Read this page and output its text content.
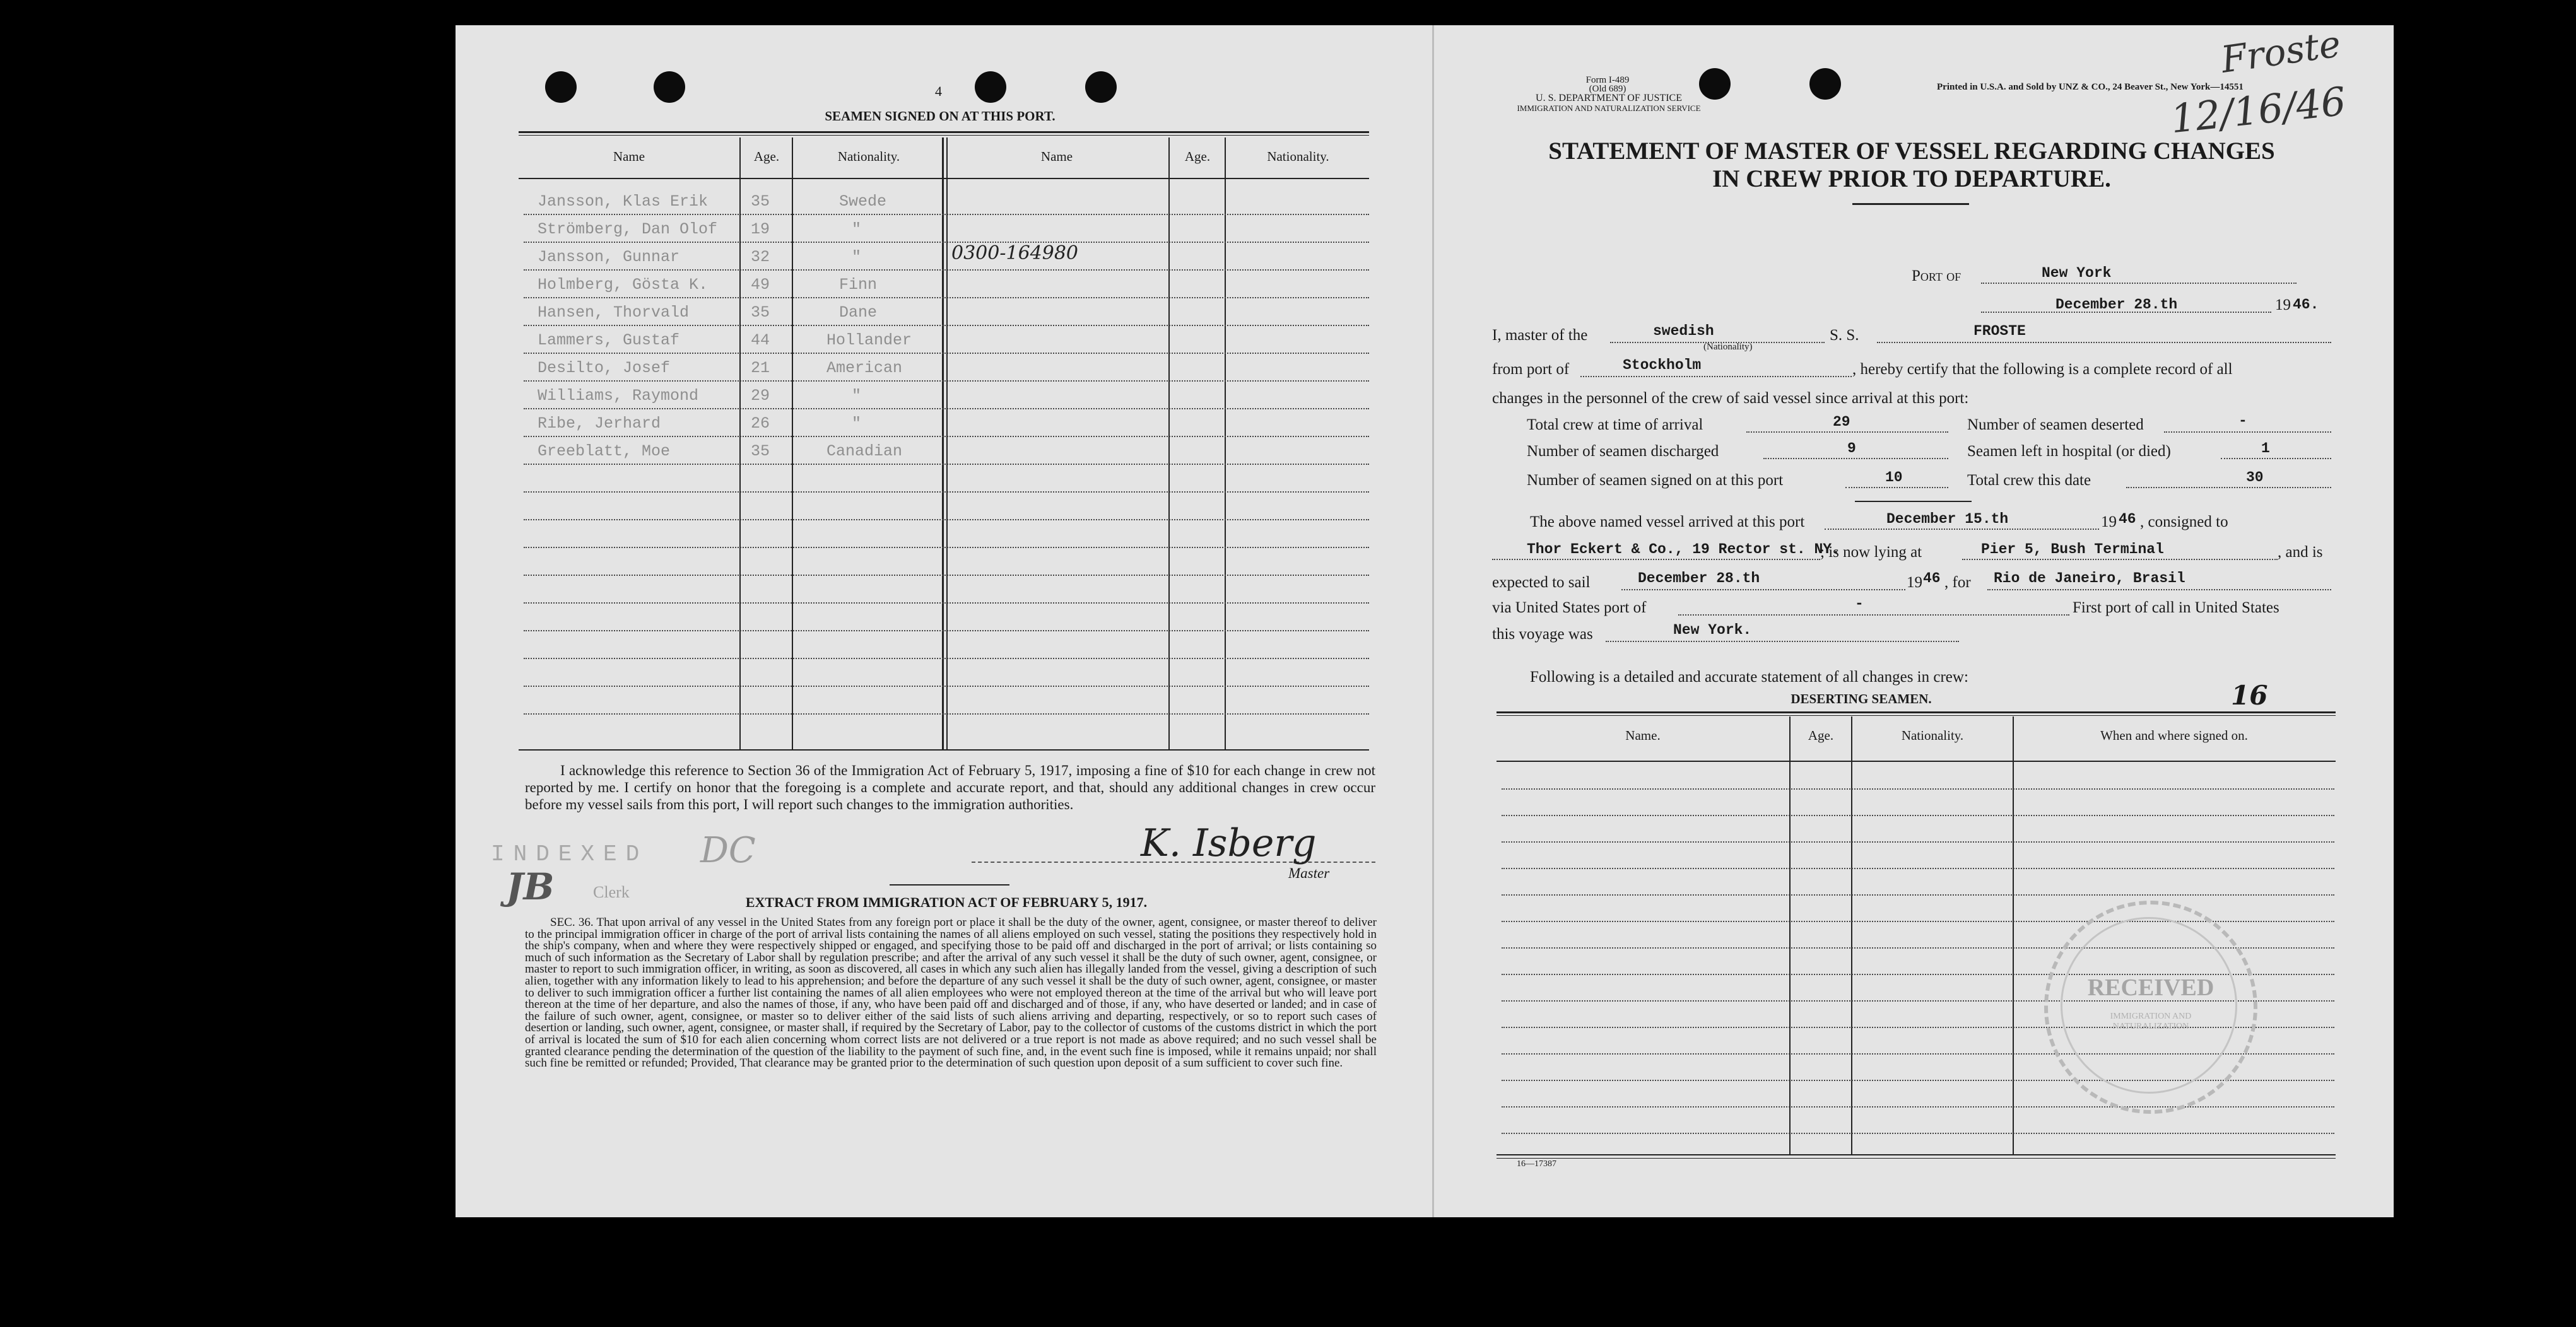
4
SEAMEN SIGNED ON AT THIS PORT.
Name	Age.	Nationality.	Name	Age.	Nationality.
Jansson, Klas Erik	35	Swede
Strömberg, Dan Olof 19	"
Jansson, Gunnar	32	"
Holmberg, Gösta K.	49	Finn
Hansen, Thorvald	35	Dane
Lammers, Gustaf	44	Hollander
Desilto, Josef	21	American
Williams, Raymond	29	"
Ribe, Jerhard	26	"
Greeblatt, Moe	35	Canadian
0300-164980
I acknowledge this reference to Section 36 of the Immigration Act of February 5, 1917, imposing a fine of $10 for each change in crew not reported by me. I certify on honor that the foregoing is a complete and accurate report, and that, should any additional changes in crew occur before my vessel sails from this port, I will report such changes to the immigration authorities.
INDEXED
JB Clerk
DC	K. Isberg
Master
EXTRACT FROM IMMIGRATION ACT OF FEBRUARY 5, 1917.
SEC. 36. That upon arrival of any vessel in the United States from any foreign port or place it shall be the duty of the owner, agent, consignee, or master thereof to deliver to the principal immigration officer in charge of the port of arrival lists containing the names of all aliens employed on such vessel, stating the positions they respectively hold in the ship's company, when and where they were respectively shipped or engaged, and specifying those to be paid off and discharged in the port of arrival; or lists containing so much of such information as the Secretary of Labor shall by regulation prescribe; and after the arrival of any such vessel it shall be the duty of such owner, agent, consignee, or master to report to such immigration officer, in writing, as soon as discovered, all cases in which any such alien has illegally landed from the vessel, giving a description of such alien, together with any information likely to lead to his apprehension; and before the departure of any such vessel it shall be the duty of such owner, agent, consignee, or master to deliver to such immigration officer a further list containing the names of all alien employees who were not employed thereon at the time of the arrival but who will leave port thereon at the time of her departure, and also the names of those, if any, who have been paid off and discharged and of those, if any, who have deserted or landed; and in case of the failure of such owner, agent, consignee, or master so to deliver either of the said lists of such aliens arriving and departing, respectively, or so to report such cases of desertion or landing, such owner, agent, consignee, or master shall, if required by the Secretary of Labor, pay to the collector of customs of the customs district in which the port of arrival is located the sum of $10 for each alien concerning whom correct lists are not delivered or a true report is not made as above required; and no such vessel shall be granted clearance pending the determination of the question of the liability to the payment of such fine, and, in the event such fine is imposed, while it remains unpaid; nor shall such fine be remitted or refunded; Provided, That clearance may be granted prior to the determination of such question upon deposit of a sum sufficient to cover such fine.
Form I-489
(Old 689)
U. S. DEPARTMENT OF JUSTICE
IMMIGRATION AND NATURALIZATION SERVICE
Printed in U.S.A. and Sold by UNZ & CO., 24 Beaver St., New York—14551
Froste
12/16/46
STATEMENT OF MASTER OF VESSEL REGARDING CHANGES
IN CREW PRIOR TO DEPARTURE.
Port of	New York
December 28.th	19 46.
I, master of the	swedish
(Nationality)
S. S.	FROSTE
from port of	Stockholm	, hereby certify that the following is a complete record of all
changes in the personnel of the crew of said vessel since arrival at this port:
Total crew at time of arrival	29	Number of seamen deserted	-
Number of seamen discharged	9	Seamen left in hospital (or died)	1
Number of seamen signed on at this port	10	Total crew this date	30
The above named vessel arrived at this port	December 15.th	19 46 , consigned to
Thor Eckert & Co., 19 Rector st. NY.
; is now lying at	Pier 5, Bush Terminal	, and is
expected to sail	December 28.th	19 46 , for Rio de Janeiro, Brasil
via United States port of	-	First port of call in United States
this voyage was	New York.
Following is a detailed and accurate statement of all changes in crew:
DESERTING SEAMEN.	16
Name.	Age.	Nationality.	When and where signed on.
16—17387
RECEIVED
IMMIGRATION AND NATURALIZATION
